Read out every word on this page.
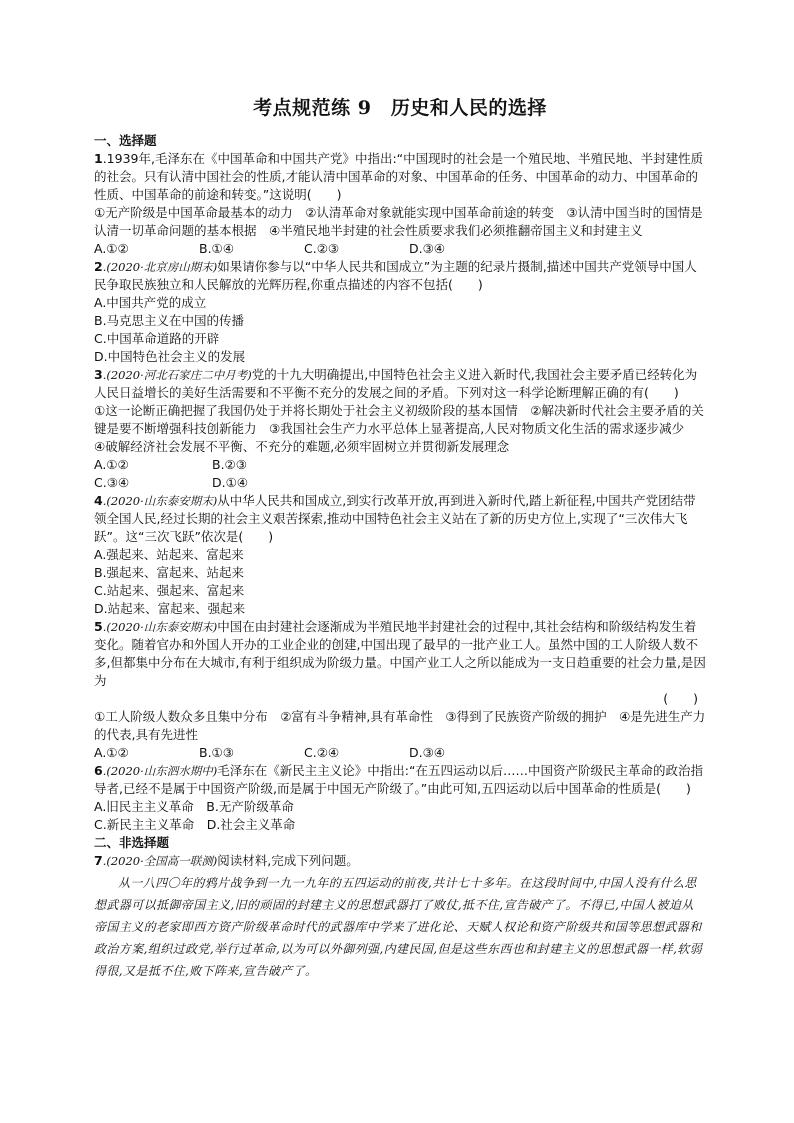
考点规范练 9　历史和人民的选择
一、选择题

1.1939年,毛泽东在《中国革命和中国共产党》中指出:“中国现时的社会是一个殖民地、半殖民地、半封建性质的社会。只有认清中国社会的性质,才能认清中国革命的对象、中国革命的任务、中国革命的动力、中国革命的性质、中国革命的前途和转变。”这说明(　　)

①无产阶级是中国革命最基本的动力　②认清革命对象就能实现中国革命前途的转变　③认清中国当时的国情是认清一切革命问题的基本根据　④半殖民地半封建的社会性质要求我们必须推翻帝国主义和封建主义

A.①②	B.①④	C.②③	D.③④

2.(2020·北京房山期末)如果请你参与以“中华人民共和国成立”为主题的纪录片摄制,描述中国共产党领导中国人民争取民族独立和人民解放的光辉历程,你重点描述的内容不包括(　　)

A.中国共产党的成立
B.马克思主义在中国的传播
C.中国革命道路的开辟
D.中国特色社会主义的发展

3.(2020·河北石家庄二中月考)党的十九大明确提出,中国特色社会主义进入新时代,我国社会主要矛盾已经转化为人民日益增长的美好生活需要和不平衡不充分的发展之间的矛盾。下列对这一科学论断理解正确的有(　　)

①这一论断正确把握了我国仍处于并将长期处于社会主义初级阶段的基本国情　②解决新时代社会主要矛盾的关键是要不断增强科技创新能力　③我国社会生产力水平总体上显著提高,人民对物质文化生活的需求逐步减少　④破解经济社会发展不平衡、不充分的难题,必须牢固树立并贯彻新发展理念

A.①②	B.②③
C.③④	D.①④

4.(2020·山东泰安期末)从中华人民共和国成立,到实行改革开放,再到进入新时代,踏上新征程,中国共产党团结带领全国人民,经过长期的社会主义艰苦探索,推动中国特色社会主义站在了新的历史方位上,实现了“三次伟大飞跃”。这“三次飞跃”依次是(　　)

A.强起来、站起来、富起来
B.强起来、富起来、站起来
C.站起来、强起来、富起来
D.站起来、富起来、强起来

5.(2020·山东泰安期末)中国在由封建社会逐渐成为半殖民地半封建社会的过程中,其社会结构和阶级结构发生着变化。随着官办和外国人开办的工业企业的创建,中国出现了最早的一批产业工人。虽然中国的工人阶级人数不多,但都集中分布在大城市,有利于组织成为阶级力量。中国产业工人之所以能成为一支日趋重要的社会力量,是因为

(　　)

①工人阶级人数众多且集中分布　②富有斗争精神,具有革命性　③得到了民族资产阶级的拥护　④是先进生产力的代表,具有先进性

A.①②	B.①③	C.②④	D.③④

6.(2020·山东泗水期中)毛泽东在《新民主主义论》中指出:“在五四运动以后……中国资产阶级民主革命的政治指导者,已经不是属于中国资产阶级,而是属于中国无产阶级了。”由此可知,五四运动以后中国革命的性质是(　　)

A.旧民主主义革命　B.无产阶级革命
C.新民主主义革命　D.社会主义革命
二、非选择题

7.(2020·全国高一联测)阅读材料,完成下列问题。

从一八四〇年的鸦片战争到一九一九年的五四运动的前夜,共计七十多年。在这段时间中,中国人没有什么思想武器可以抵御帝国主义,旧的顽固的封建主义的思想武器打了败仗,抵不住,宣告破产了。不得已,中国人被迫从帝国主义的老家即西方资产阶级革命时代的武器库中学来了进化论、天赋人权论和资产阶级共和国等思想武器和政治方案,组织过政党,举行过革命,以为可以外御列强,内建民国,但是这些东西也和封建主义的思想武器一样,软弱得很,又是抵不住,败下阵来,宣告破产了。
